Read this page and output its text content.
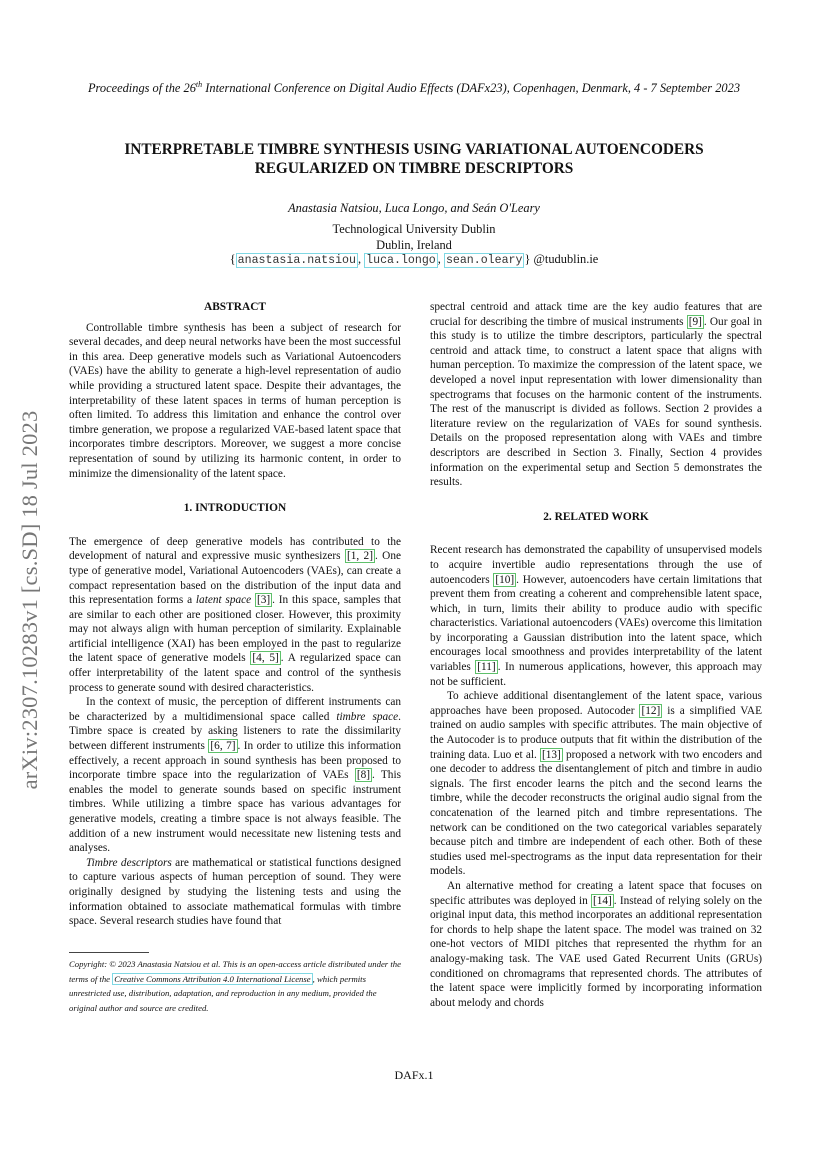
Proceedings of the 26th International Conference on Digital Audio Effects (DAFx23), Copenhagen, Denmark, 4 - 7 September 2023
arXiv:2307.10283v1 [cs.SD] 18 Jul 2023
INTERPRETABLE TIMBRE SYNTHESIS USING VARIATIONAL AUTOENCODERS
REGULARIZED ON TIMBRE DESCRIPTORS
Anastasia Natsiou, Luca Longo, and Seán O'Leary
Technological University Dublin
Dublin, Ireland
{ anastasia.natsiou , luca.longo , sean.oleary } @tudublin.ie

ABSTRACT

Controllable timbre synthesis has been a subject of research for several decades, and deep neural networks have been the most successful in this area. Deep generative models such as Variational Autoencoders (VAEs) have the ability to generate a high-level representation of audio while providing a structured latent space. Despite their advantages, the interpretability of these latent spaces in terms of human perception is often limited. To address this limitation and enhance the control over timbre generation, we propose a regularized VAE-based latent space that incorporates timbre descriptors. Moreover, we suggest a more concise representation of sound by utilizing its harmonic content, in order to minimize the dimensionality of the latent space.

1. INTRODUCTION

The emergence of deep generative models has contributed to the development of natural and expressive music synthesizers [1, 2] . One type of generative model, Variational Autoencoders (VAEs), can create a compact representation based on the distribution of the input data and this representation forms a latent space [3] . In this space, samples that are similar to each other are positioned closer. However, this proximity may not always align with human perception of similarity. Explainable artificial intelligence (XAI) has been employed in the past to regularize the latent space of generative models [4, 5] . A regularized space can offer interpretability of the latent space and control of the synthesis process to generate sound with desired characteristics.

In the context of music, the perception of different instruments can be characterized by a multidimensional space called timbre space. Timbre space is created by asking listeners to rate the dissimilarity between different instruments [6, 7] . In order to utilize this information effectively, a recent approach in sound synthesis has been proposed to incorporate timbre space into the regularization of VAEs [8] . This enables the model to generate sounds based on specific instrument timbres. While utilizing a timbre space has various advantages for generative models, creating a timbre space is not always feasible. The addition of a new instrument would necessitate new listening tests and analyses.

Timbre descriptors are mathematical or statistical functions designed to capture various aspects of human perception of sound. They were originally designed by studying the listening tests and using the information obtained to associate mathematical formulas with timbre space. Several research studies have found that

Copyright: © 2023 Anastasia Natsiou et al. This is an open-access article distributed under the terms of the Creative Commons Attribution 4.0 International License , which permits unrestricted use, distribution, adaptation, and reproduction in any medium, provided the original author and source are credited.

spectral centroid and attack time are the key audio features that are crucial for describing the timbre of musical instruments [9] . Our goal in this study is to utilize the timbre descriptors, particularly the spectral centroid and attack time, to construct a latent space that aligns with human perception. To maximize the compression of the latent space, we developed a novel input representation with lower dimensionality than spectrograms that focuses on the harmonic content of the instruments. The rest of the manuscript is divided as follows. Section 2 provides a literature review on the regularization of VAEs for sound synthesis. Details on the proposed representation along with VAEs and timbre descriptors are described in Section 3. Finally, Section 4 provides information on the experimental setup and Section 5 demonstrates the results.

2. RELATED WORK

Recent research has demonstrated the capability of unsupervised models to acquire invertible audio representations through the use of autoencoders [10] . However, autoencoders have certain limitations that prevent them from creating a coherent and comprehensible latent space, which, in turn, limits their ability to produce audio with specific characteristics. Variational autoencoders (VAEs) overcome this limitation by incorporating a Gaussian distribution into the latent space, which encourages local smoothness and provides interpretability of the latent variables [11] . In numerous applications, however, this approach may not be sufficient.

To achieve additional disentanglement of the latent space, various approaches have been proposed. Autocoder [12] is a simplified VAE trained on audio samples with specific attributes. The main objective of the Autocoder is to produce outputs that fit within the distribution of the training data. Luo et al. [13] proposed a network with two encoders and one decoder to address the disentanglement of pitch and timbre in audio signals. The first encoder learns the pitch and the second learns the timbre, while the decoder reconstructs the original audio signal from the concatenation of the learned pitch and timbre representations. The network can be conditioned on the two categorical variables separately because pitch and timbre are independent of each other. Both of these studies used mel-spectrograms as the input data representation for their models.

An alternative method for creating a latent space that focuses on specific attributes was deployed in [14] . Instead of relying solely on the original input data, this method incorporates an additional representation for chords to help shape the latent space. The model was trained on 32 one-hot vectors of MIDI pitches that represented the rhythm for an analogy-making task. The VAE used Gated Recurrent Units (GRUs) conditioned on chromagrams that represented chords. The attributes of the latent space were implicitly formed by incorporating information about melody and chords

DAFx.1
